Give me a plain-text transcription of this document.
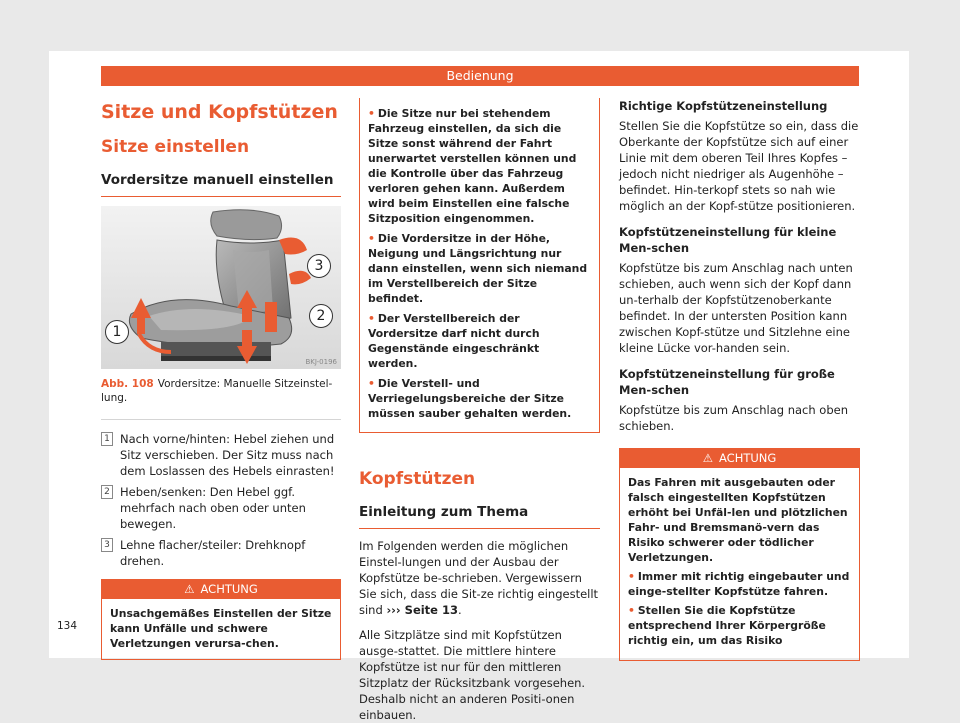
Bedienung
Sitze und Kopfstützen
Sitze einstellen
Vordersitze manuell einstellen
1
2
3
BKJ-0196
Abb. 108 Vordersitze: Manuelle Sitzeinstel-lung.
1 Nach vorne/hinten: Hebel ziehen und Sitz verschieben. Der Sitz muss nach dem Loslassen des Hebels einrasten!
2 Heben/senken: Den Hebel ggf. mehrfach nach oben oder unten bewegen.
3 Lehne flacher/steiler: Drehknopf drehen.
⚠ ACHTUNG
Unsachgemäßes Einstellen der Sitze kann Unfälle und schwere Verletzungen verursa-chen.

• Die Sitze nur bei stehendem Fahrzeug einstellen, da sich die Sitze sonst während der Fahrt unerwartet verstellen können und die Kontrolle über das Fahrzeug verloren gehen kann. Außerdem wird beim Einstellen eine falsche Sitzposition eingenommen.

• Die Vordersitze in der Höhe, Neigung und Längsrichtung nur dann einstellen, wenn sich niemand im Verstellbereich der Sitze befindet.

• Der Verstellbereich der Vordersitze darf nicht durch Gegenstände eingeschränkt werden.

• Die Verstell- und Verriegelungsbereiche der Sitze müssen sauber gehalten werden.

Kopfstützen
Einleitung zum Thema
Im Folgenden werden die möglichen Einstel-lungen und der Ausbau der Kopfstütze be-schrieben. Vergewissern Sie sich, dass die Sit-ze richtig eingestellt sind ››› Seite 13.
Alle Sitzplätze sind mit Kopfstützen ausge-stattet. Die mittlere hintere Kopfstütze ist nur für den mittleren Sitzplatz der Rücksitzbank vorgesehen. Deshalb nicht an anderen Positi-onen einbauen.
Richtige Kopfstützeneinstellung
Stellen Sie die Kopfstütze so ein, dass die Oberkante der Kopfstütze sich auf einer Linie mit dem oberen Teil Ihres Kopfes – jedoch nicht niedriger als Augenhöhe – befindet. Hin-terkopf stets so nah wie möglich an der Kopf-stütze positionieren.
Kopfstützeneinstellung für kleine Men-schen
Kopfstütze bis zum Anschlag nach unten schieben, auch wenn sich der Kopf dann un-terhalb der Kopfstützenoberkante befindet. In der untersten Position kann zwischen Kopf-stütze und Sitzlehne eine kleine Lücke vor-handen sein.
Kopfstützeneinstellung für große Men-schen
Kopfstütze bis zum Anschlag nach oben schieben.
⚠ ACHTUNG

Das Fahren mit ausgebauten oder falsch eingestellten Kopfstützen erhöht bei Unfäl-len und plötzlichen Fahr- und Bremsmanö-vern das Risiko schwerer oder tödlicher Verletzungen.

• Immer mit richtig eingebauter und einge-stellter Kopfstütze fahren.

• Stellen Sie die Kopfstütze entsprechend Ihrer Körpergröße richtig ein, um das Risiko

134
